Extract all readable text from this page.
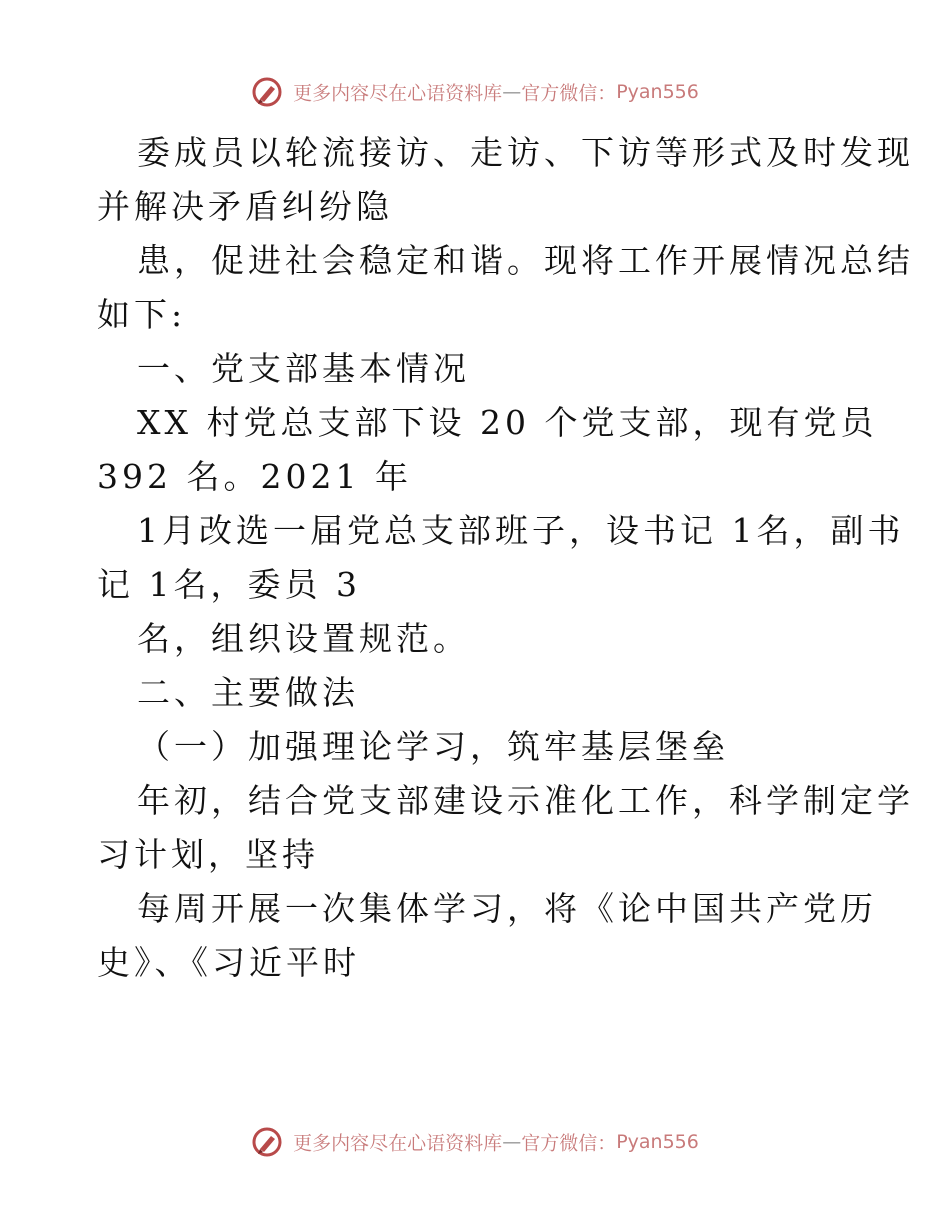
更多内容尽在心语资料库—官方微信：Pyan556
委成员以轮流接访、走访、下访等形式及时发现
并解决矛盾纠纷隐
患，促进社会稳定和谐。现将工作开展情况总结
如下:
一、党支部基本情况
XX 村党总支部下设 20 个党支部，现有党员
392 名。2021 年
1月改选一届党总支部班子，设书记 1名，副书
记 1名，委员 3
名，组织设置规范。
二、主要做法
（一）加强理论学习，筑牢基层堡垒
年初，结合党支部建设示准化工作，科学制定学
习计划，坚持
每周开展一次集体学习，将《论中国共产党历
史》、《习近平时
更多内容尽在心语资料库—官方微信：Pyan556
